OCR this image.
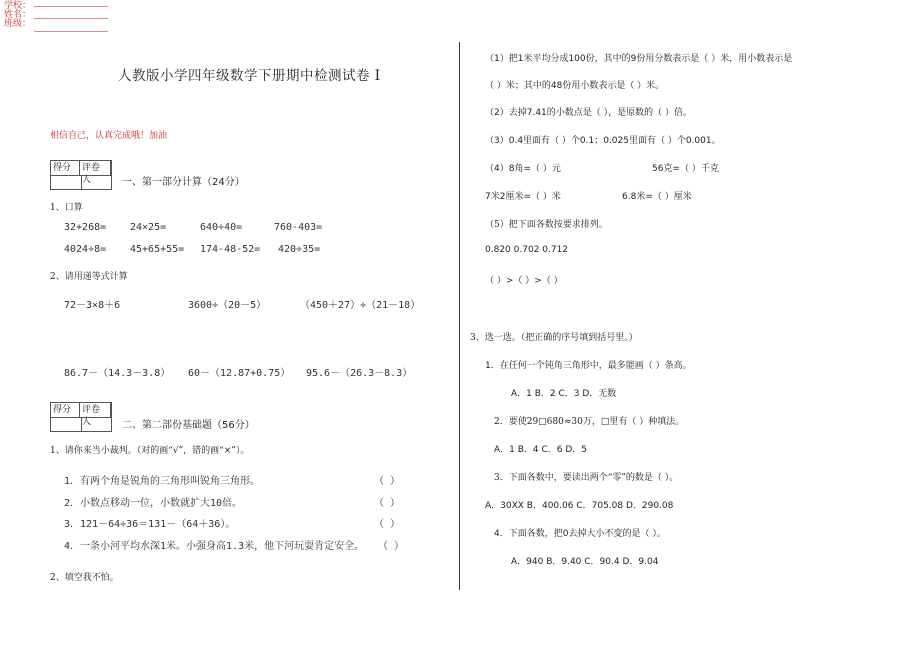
学校：
姓名：
班级：
人教版小学四年级数学下册期中检测试卷 I
相信自己，认真完成哦！加油
得分	评卷人	一、第一部分计算（24分）
1、口算
32+268= 24×25=	640÷40=	760-403=
4024÷8= 45+65+55= 174-48-52= 420÷35=
2、请用递等式计算
72－3×8＋6	3600÷（20－5）	（450＋27）÷（21－18）
86.7－（14.3－3.8） 60－（12.87+0.75） 95.6－（26.3－8.3）
得分	评卷人	二、第二部份基础题（56分）
1、请你来当小裁判。（对的画“√”，错的画“×”）。
1．有两个角是锐角的三角形叫锐角三角形。	（ ）
2．小数点移动一位，小数就扩大10倍。	（ ）
3．121－64÷36＝131－（64＋36）。	（ ）
4．一条小河平均水深1米。小强身高1.3米，他下河玩耍肯定安全。 （ ）
2、填空我不怕。
（1）把1米平均分成100份，其中的9份用分数表示是（ ）米，用小数表示是
（ ）米；其中的48份用小数表示是（ ）米。
（2）去掉7.41的小数点是（ ），是原数的（ ）倍。
（3）0.4里面有（ ）个0.1；0.025里面有（ ）个0.001。
（4）8角=（ ）元	56克=（ ）千克
7米2厘米=（ ）米	6.8米=（ ）厘米
（5）把下面各数按要求排列。
0.820 0.702 0.712
（ ）>（ ）>（ ）
3、选一选。（把正确的序号填到括号里。）
1．在任何一个钝角三角形中，最多能画（ ）条高。
A．1 B．2 C．3 D．无数
2．要使29□680≈30万，□里有（ ）种填法。
A．1 B．4 C．6 D．5
3．下面各数中，要读出两个“零”的数是（ ）。
A．30XX B．400.06 C．705.08 D．290.08
4．下面各数，把0去掉大小不变的是（ ）。
A．940 B．9.40 C．90.4 D．9.04
